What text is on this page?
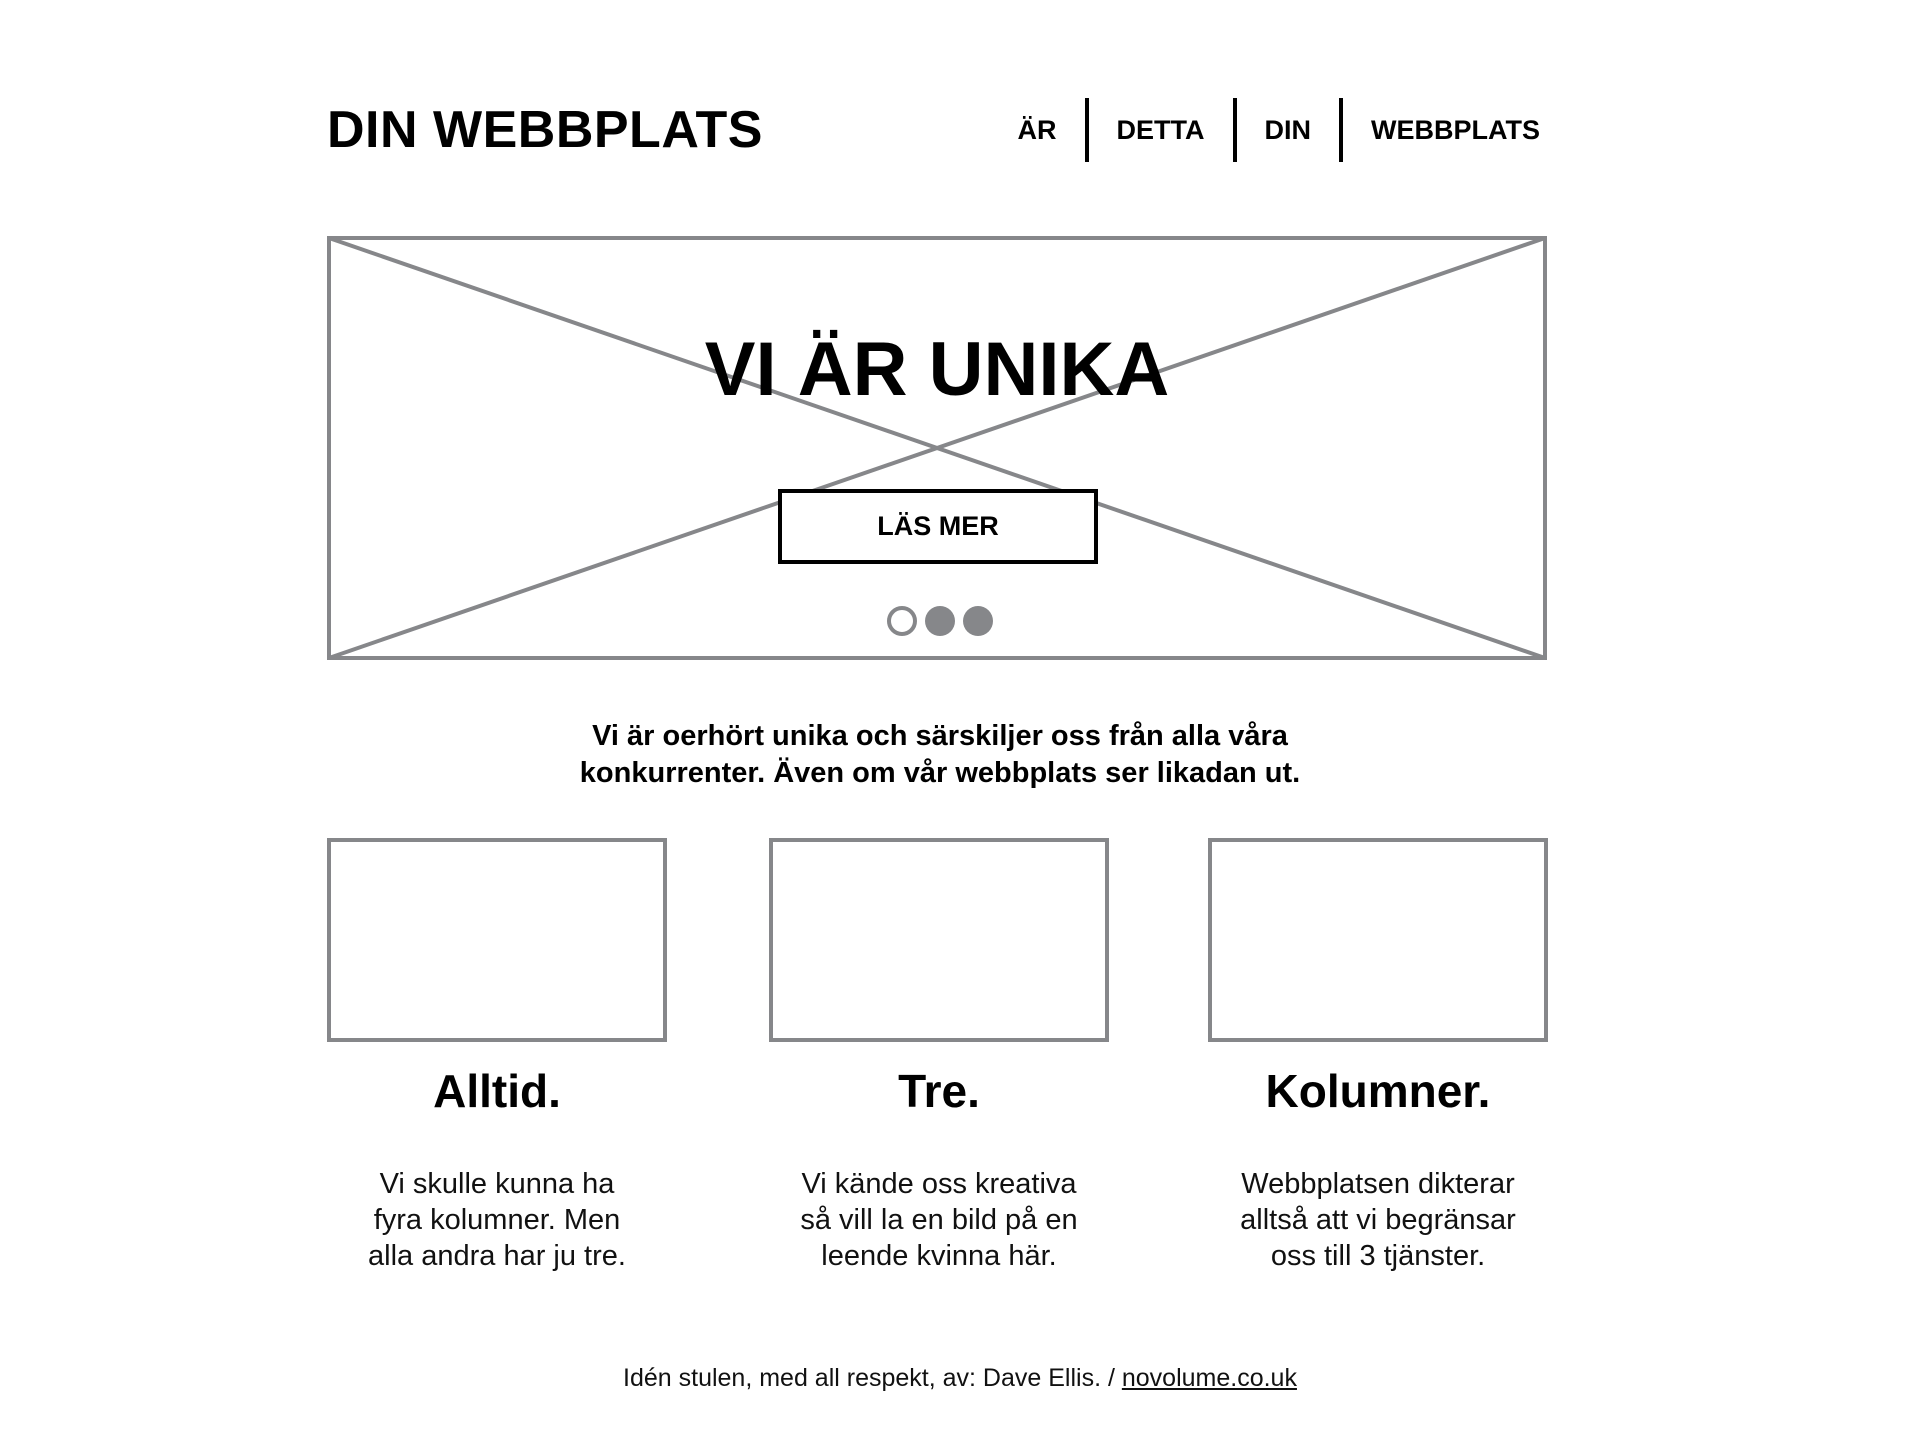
DIN WEBBPLATS	ÄR	DETTA	DIN	WEBBPLATS
VI ÄR UNIKA
LÄS MER
Vi är oerhört unika och särskiljer oss från alla våra
konkurrenter. Även om vår webbplats ser likadan ut.
Alltid.
Vi skulle kunna ha
fyra kolumner. Men
alla andra har ju tre.
Tre.
Vi kände oss kreativa
så vill la en bild på en
leende kvinna här.
Kolumner.
Webbplatsen dikterar
alltså att vi begränsar
oss till 3 tjänster.
Idén stulen, med all respekt, av: Dave Ellis. / novolume.co.uk
